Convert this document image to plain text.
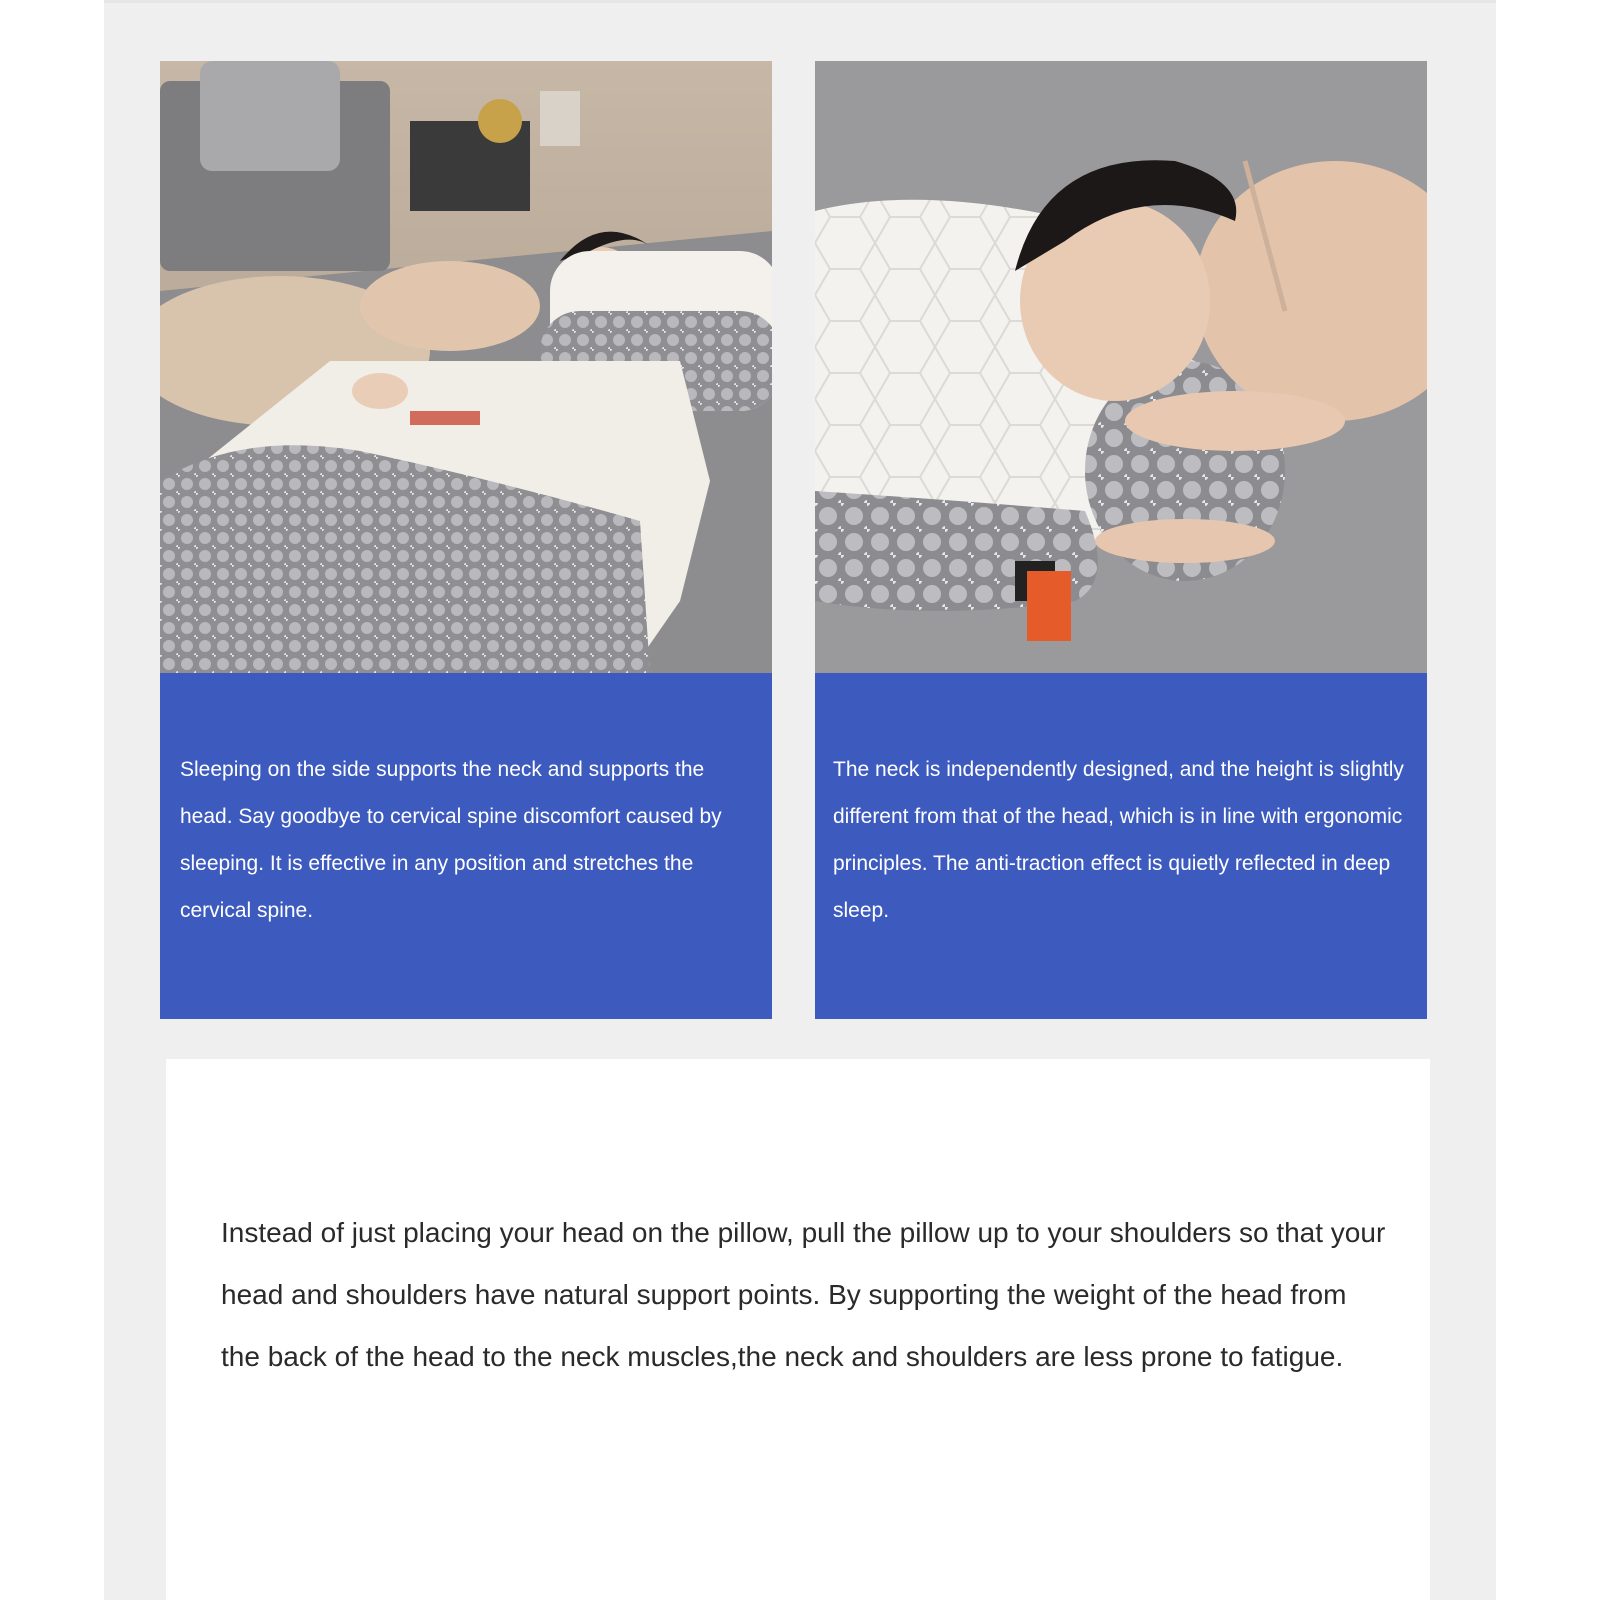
Sleeping on the side supports the neck and supports the head. Say goodbye to cervical spine discomfort caused by sleeping. It is effective in any position and stretches the cervical spine.
The neck is independently designed, and the height is slightly different from that of the head, which is in line with ergonomic principles. The anti-traction effect is quietly reflected in deep sleep.
Instead of just placing your head on the pillow, pull the pillow up to your shoulders so that your head and shoulders have natural support points. By supporting the weight of the head from the back of the head to the neck muscles,the neck and shoulders are less prone to fatigue.
